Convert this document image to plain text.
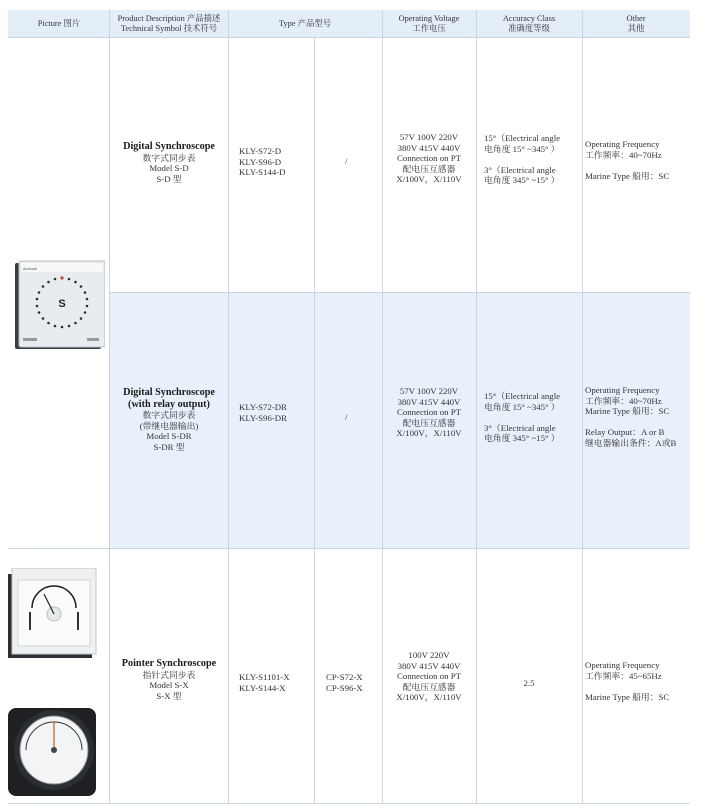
Picture 图片
Product Description 产品描述
Technical Symbol 技术符号
Type 产品型号
Operating Voltage
工作电压
Accuracy Class
准确度等级
Other
其他
Digital Synchroscope
数字式同步表
Model S-D
S-D 型
KLY-S72-D
KLY-S96-D
KLY-S144-D
/
57V 100V 220V
380V 415V 440V
Connection on PT
配电压互感器
X/100V，X/110V
15°（Electrical angle
电角度 15° ~345° ）
3°（Electrical angle
电角度 345° ~15° ）
Operating Frequency
工作频率：40~70Hz
Marine Type 船用：SC
Digital Synchroscope
(with relay output)
数字式同步表
(带继电器输出)
Model S-DR
S-DR 型
KLY-S72-DR
KLY-S96-DR	/
57V 100V 220V
380V 415V 440V
Connection on PT
配电压互感器
X/100V，X/110V
15°（Electrical angle
电角度 15° ~345° ）
3°（Electrical angle
电角度 345° ~15° ）
Operating Frequency
工作频率：40~70Hz
Marine Type 船用：SC
Relay Output：A or B
继电器输出条件：A或B
Pointer Synchroscope
指针式同步表
Model S-X
S-X 型
KLY-S1101-X
KLY-S144-X
CP-S72-X
CP-S96-X
100V 220V
380V 415V 440V
Connection on PT
配电压互感器
X/100V，X/110V
2.5
Operating Frequency
工作频率：45~65Hz
Marine Type 船用：SC
Acrewel
S
